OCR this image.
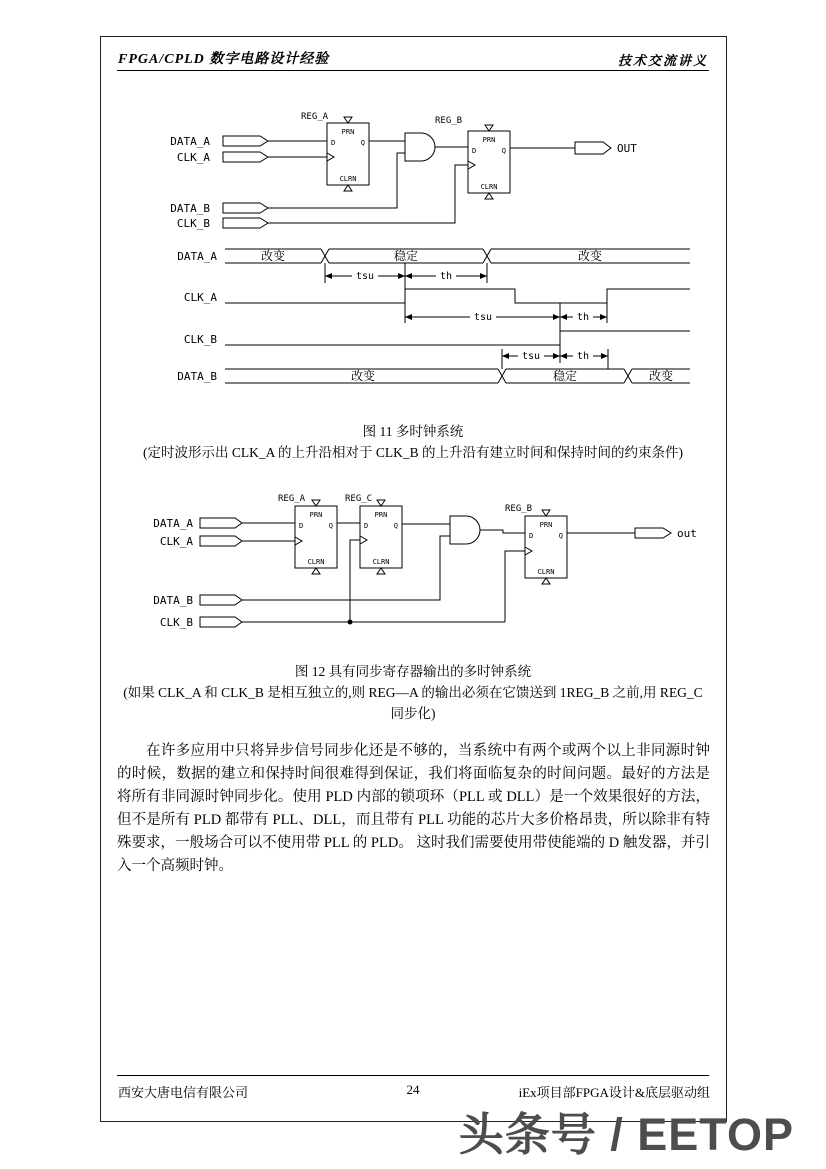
FPGA/CPLD 数字电路设计经验	技术交流讲义
DATA_A
CLK_A
DATA_B
CLK_B
REG_A
PRN
D	Q
CLRN
REG_B
PRN
D	Q
CLRN
OUT
DATA_A
CLK_A
CLK_B
DATA_B
改变	稳定	改变
tsu	th
tsu	th
tsu	th
改变	稳定	改变
图 11 多时钟系统
(定时波形示出 CLK_A 的上升沿相对于 CLK_B 的上升沿有建立时间和保持时间的约束条件)
DATA_A
CLK_A
DATA_B
CLK_B
REG_A
PRN
D	Q
CLRN
REG_C
PRN
D	Q
CLRN
REG_B
PRN
D	Q
CLRN
out
图 12 具有同步寄存器输出的多时钟系统
(如果 CLK_A 和 CLK_B 是相互独立的,则 REG—A 的输出必须在它馈送到 1REG_B 之前,用 REG_C
同步化)
在许多应用中只将异步信号同步化还是不够的，当系统中有两个或两个以上非同源时钟的时候，数据的建立和保持时间很难得到保证，我们将面临复杂的时间问题。最好的方法是将所有非同源时钟同步化。使用 PLD 内部的锁项环（PLL 或 DLL）是一个效果很好的方法，但不是所有 PLD 都带有 PLL、DLL，而且带有 PLL 功能的芯片大多价格昂贵，所以除非有特殊要求，一般场合可以不使用带 PLL 的 PLD。 这时我们需要使用带使能端的 D 触发器，并引入一个高频时钟。
西安大唐电信有限公司	24	iEx项目部FPGA设计&底层驱动组
头条号 / EETOP
